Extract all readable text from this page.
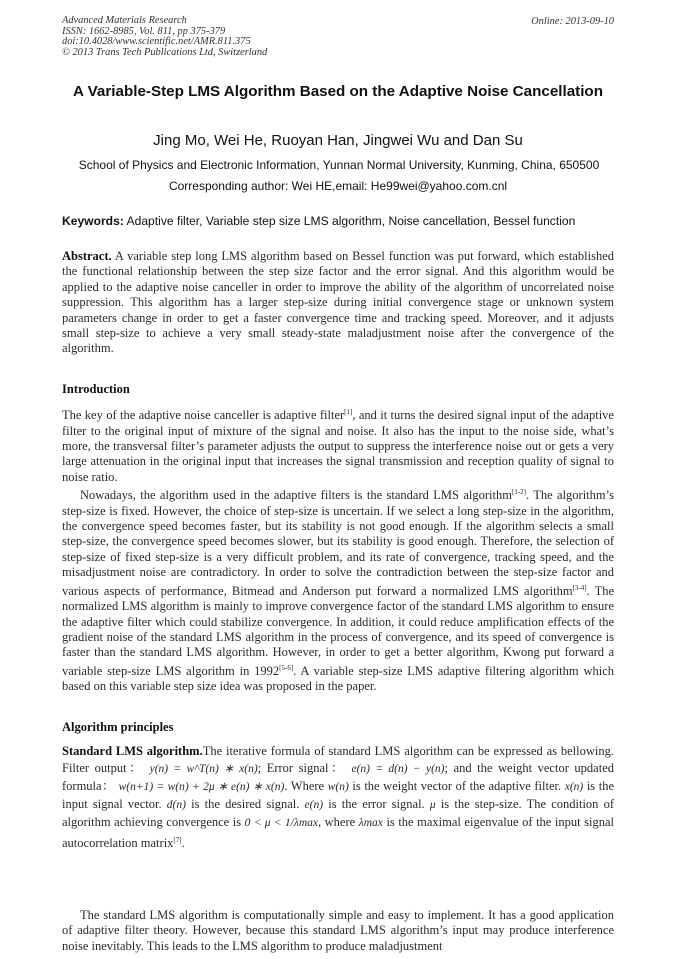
Advanced Materials Research
ISSN: 1662-8985, Vol. 811, pp 375-379
doi:10.4028/www.scientific.net/AMR.811.375
© 2013 Trans Tech Publications Ltd, Switzerland
Online: 2013-09-10
A Variable-Step LMS Algorithm Based on the Adaptive Noise Cancellation
Jing Mo, Wei He, Ruoyan Han, Jingwei Wu and Dan Su
School of Physics and Electronic Information, Yunnan Normal University, Kunming, China, 650500
Corresponding author: Wei HE,email: He99wei@yahoo.com.cnl
Keywords: Adaptive filter, Variable step size LMS algorithm, Noise cancellation, Bessel function
Abstract. A variable step long LMS algorithm based on Bessel function was put forward, which established the functional relationship between the step size factor and the error signal. And this algorithm would be applied to the adaptive noise canceller in order to improve the ability of the algorithm of uncorrelated noise suppression. This algorithm has a larger step-size during initial convergence stage or unknown system parameters change in order to get a faster convergence time and tracking speed. Moreover, and it adjusts small step-size to achieve a very small steady-state maladjustment noise after the convergence of the algorithm.
Introduction
The key of the adaptive noise canceller is adaptive filter[1], and it turns the desired signal input of the adaptive filter to the original input of mixture of the signal and noise. It also has the input to the noise side, what’s more, the transversal filter’s parameter adjusts the output to suppress the interference noise out or gets a very large attenuation in the original input that increases the signal transmission and reception quality of signal to noise ratio.
Nowadays, the algorithm used in the adaptive filters is the standard LMS algorithm[1-2]. The algorithm’s step-size is fixed. However, the choice of step-size is uncertain. If we select a long step-size in the algorithm, the convergence speed becomes faster, but its stability is not good enough. If the algorithm selects a small step-size, the convergence speed becomes slower, but its stability is good enough. Therefore, the selection of step-size of fixed step-size is a very difficult problem, and its rate of convergence, tracking speed, and the misadjustment noise are contradictory. In order to solve the contradiction between the step-size factor and various aspects of performance, Bitmead and Anderson put forward a normalized LMS algorithm[3-4]. The normalized LMS algorithm is mainly to improve convergence factor of the standard LMS algorithm to ensure the adaptive filter which could stabilize convergence. In addition, it could reduce amplification effects of the gradient noise of the standard LMS algorithm in the process of convergence, and its speed of convergence is faster than the standard LMS algorithm. However, in order to get a better algorithm, Kwong put forward a variable step-size LMS algorithm in 1992[5-6]. A variable step-size LMS adaptive filtering algorithm which based on this variable step size idea was proposed in the paper.
Algorithm principles
Standard LMS algorithm.The iterative formula of standard LMS algorithm can be expressed as bellowing. Filter output： y(n) = w^T(n) ∗ x(n); Error signal： e(n) = d(n) − y(n); and the weight vector updated formula： w(n+1) = w(n) + 2μ ∗ e(n) ∗ x(n). Where w(n) is the weight vector of the adaptive filter. x(n) is the input signal vector. d(n) is the desired signal. e(n) is the error signal. μ is the step-size. The condition of algorithm achieving convergence is 0 < μ < 1/λmax, where λmax is the maximal eigenvalue of the input signal autocorrelation matrix[7].
The standard LMS algorithm is computationally simple and easy to implement. It has a good application of adaptive filter theory. However, because this standard LMS algorithm’s input may produce interference noise inevitably. This leads to the LMS algorithm to produce maladjustment
